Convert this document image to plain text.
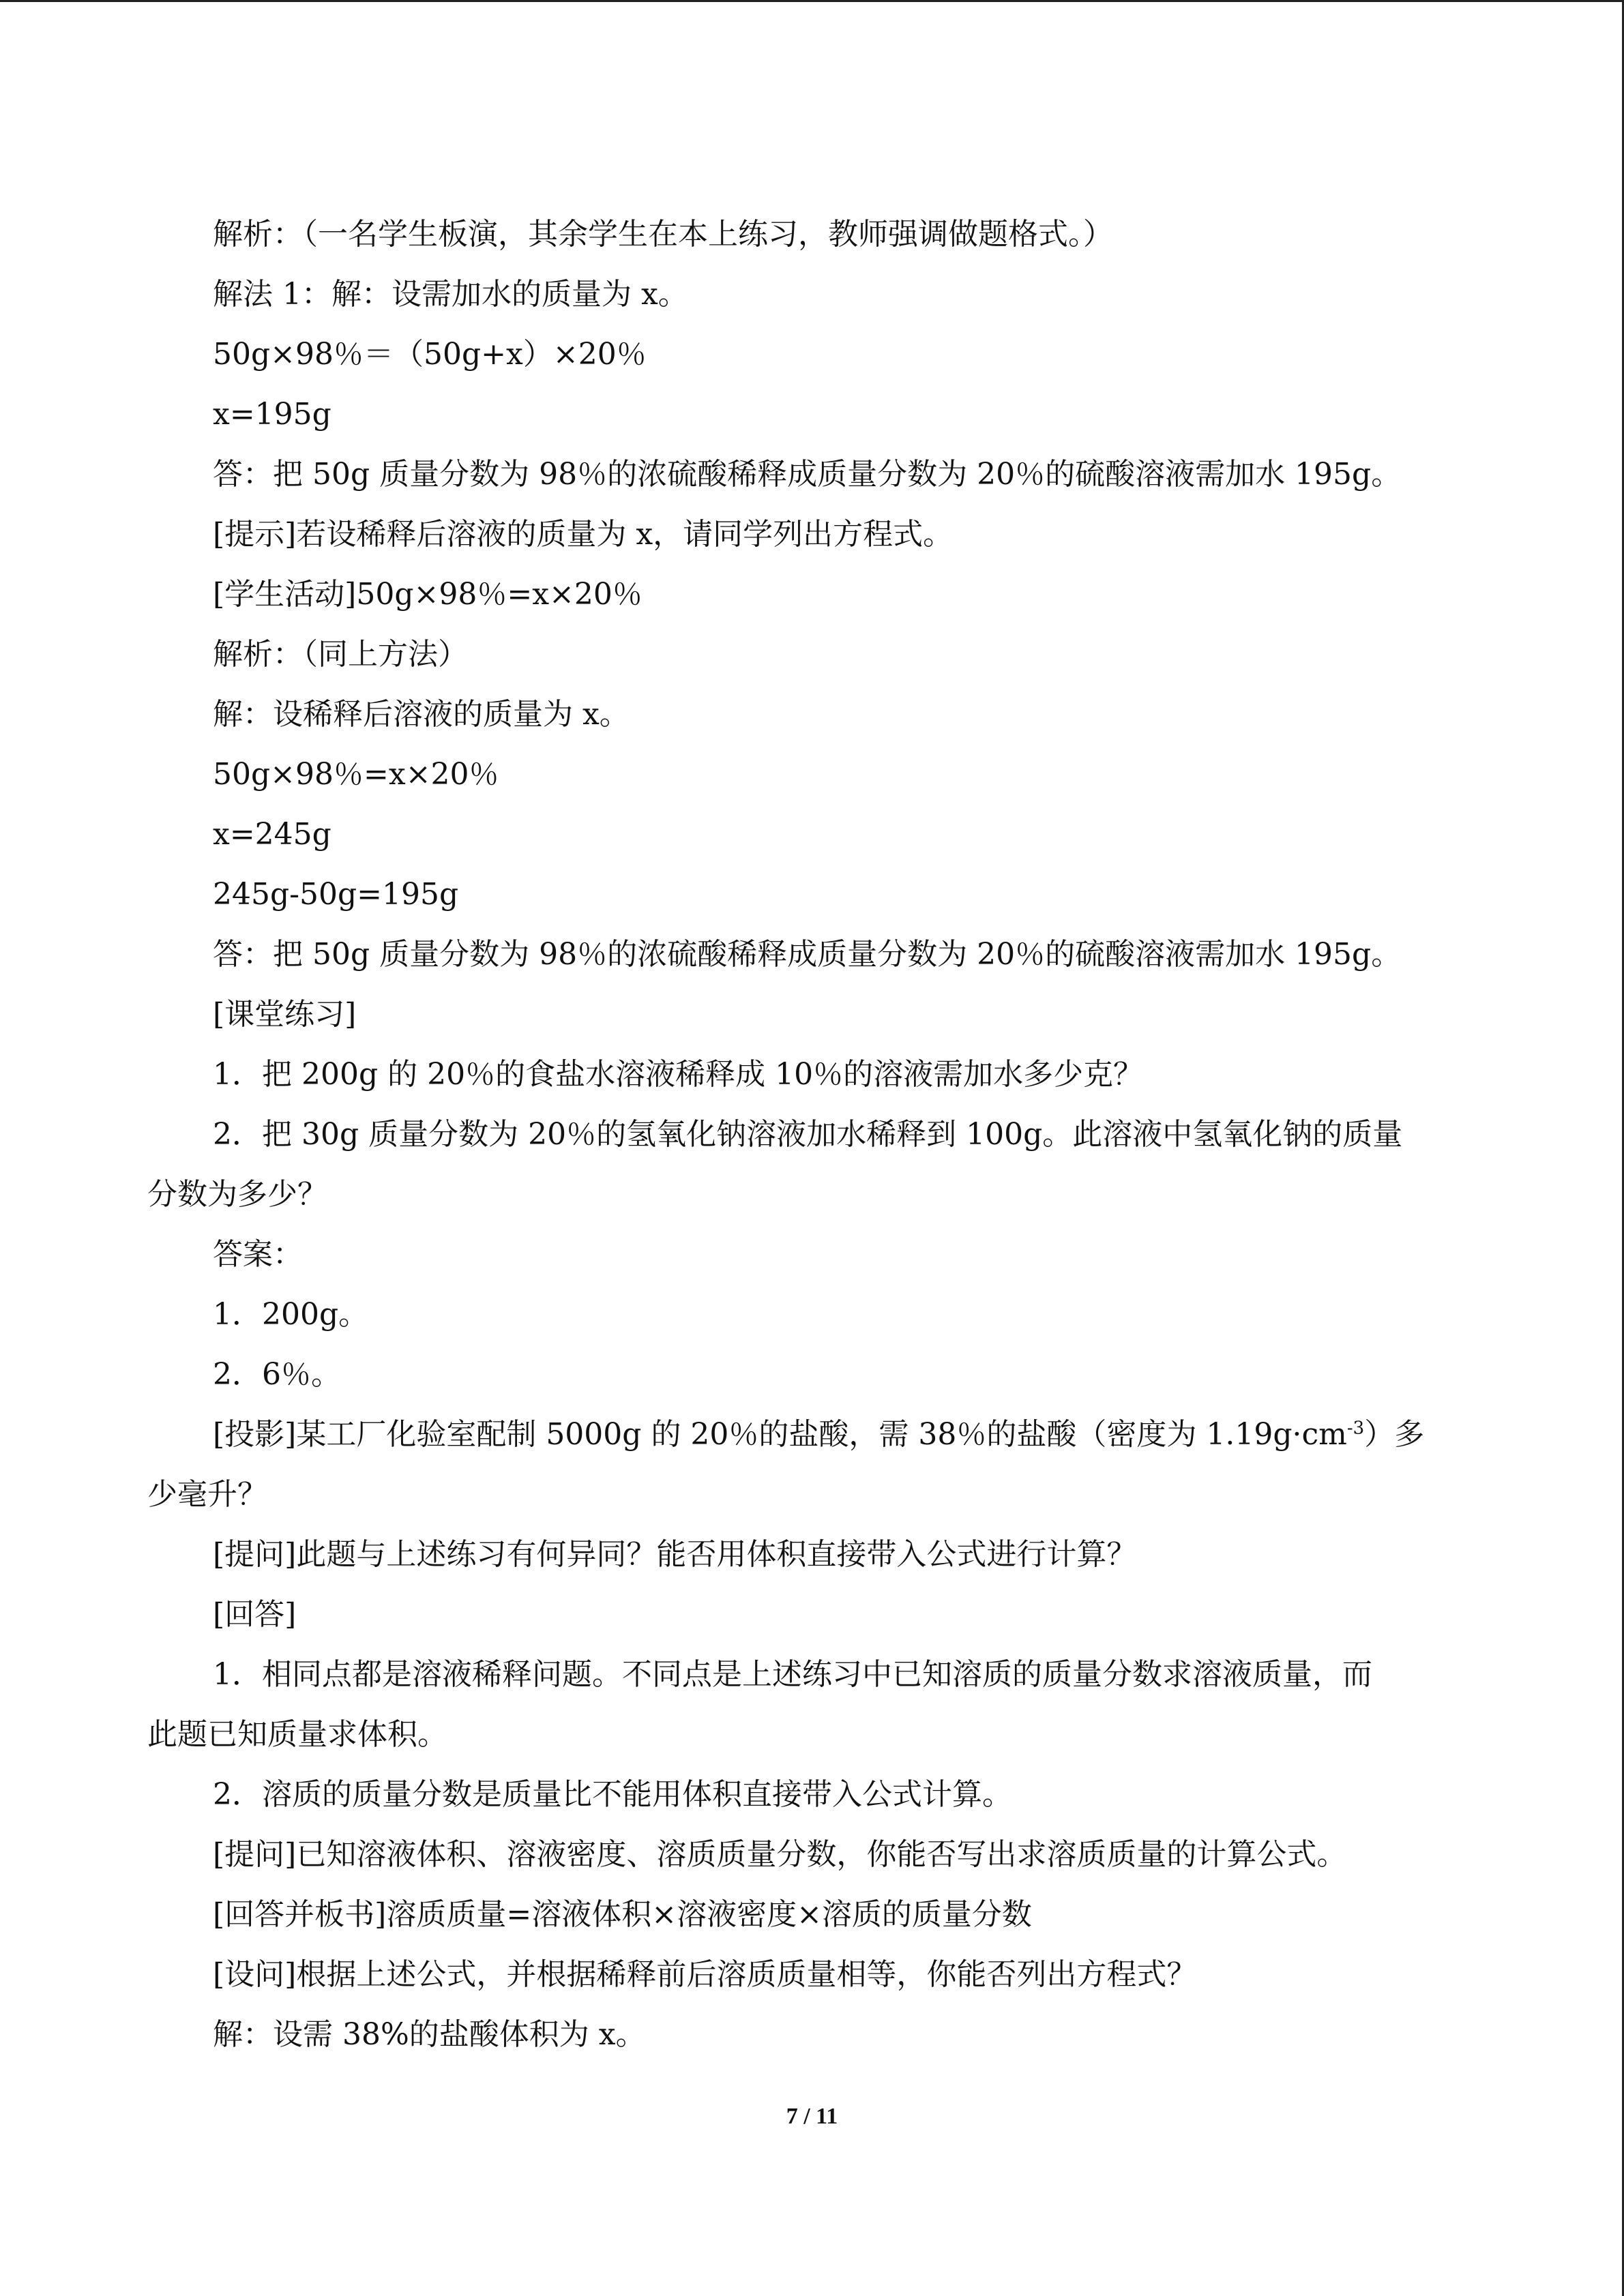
解析：（一名学生板演，其余学生在本上练习，教师强调做题格式。）
解法 1：解：设需加水的质量为 x。
50g×98％＝（50g+x）×20％
x=195g
答：把 50g 质量分数为 98％的浓硫酸稀释成质量分数为 20％的硫酸溶液需加水 195g。
[提示]若设稀释后溶液的质量为 x，请同学列出方程式。
[学生活动]50g×98％=x×20％
解析：（同上方法）
解：设稀释后溶液的质量为 x。
50g×98％=x×20％
x=245g
245g-50g=195g
答：把 50g 质量分数为 98％的浓硫酸稀释成质量分数为 20％的硫酸溶液需加水 195g。
[课堂练习]
1．把 200g 的 20％的食盐水溶液稀释成 10％的溶液需加水多少克？
2．把 30g 质量分数为 20％的氢氧化钠溶液加水稀释到 100g。此溶液中氢氧化钠的质量
分数为多少？
答案：
1．200g。
2．6％。
[投影]某工厂化验室配制 5000g 的 20％的盐酸，需 38％的盐酸（密度为 $1.19g\cdot cm^{-3}$）多
少毫升？
[提问]此题与上述练习有何异同？能否用体积直接带入公式进行计算？
[回答]
1．相同点都是溶液稀释问题。不同点是上述练习中已知溶质的质量分数求溶液质量，而
此题已知质量求体积。
2．溶质的质量分数是质量比不能用体积直接带入公式计算。
[提问]已知溶液体积、溶液密度、溶质质量分数，你能否写出求溶质质量的计算公式。
[回答并板书]溶质质量=溶液体积×溶液密度×溶质的质量分数
[设问]根据上述公式，并根据稀释前后溶质质量相等，你能否列出方程式？
解：设需 38%的盐酸体积为 x。
7 / 11
